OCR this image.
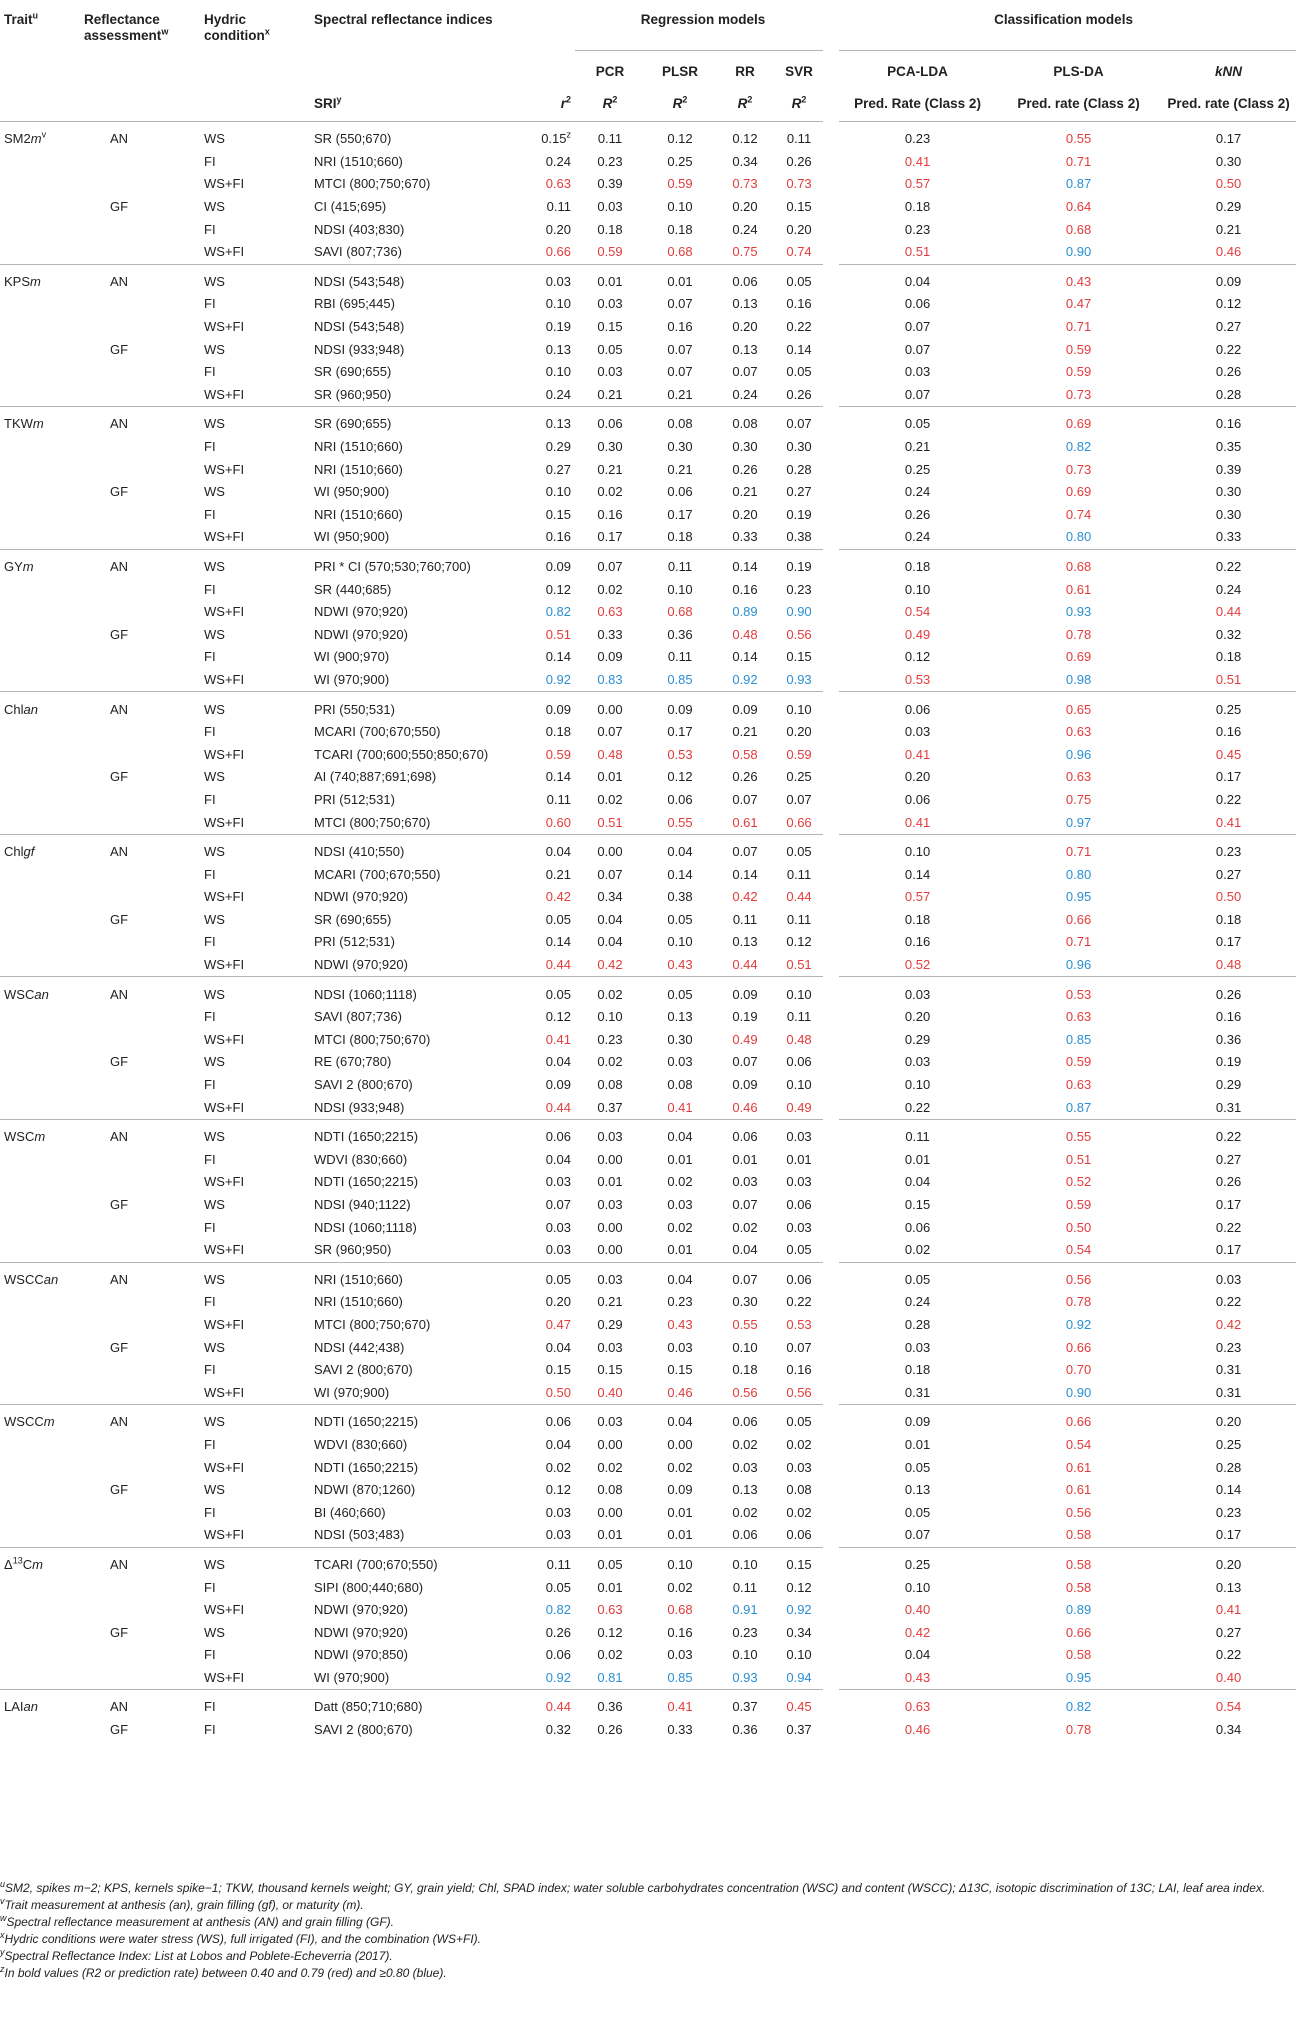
Trait$^u$	Reflectance assessment$^w$	Hydric condition$^x$	Spectral reflectance indices		Regression models				Classification models		
					PCR	PLSR	RR	SVR	PCA-LDA	PLS-DA	kNN
			SRI$^y$	$r^2$	$R^2$	$R^2$	$R^2$	$R^2$	Pred. Rate (Class 2)	Pred. rate (Class 2)	Pred. rate (Class 2)
$SM2m^v$	AN	WS	SR (550;670)	0.15$^z$	0.11	0.12	0.12	0.11	0.23	0.55	0.17
		FI	NRI (1510;660)	0.24	0.23	0.25	0.34	0.26	0.41	0.71	0.30
		WS+FI	MTCI (800;750;670)	0.63	0.39	0.59	0.73	0.73	0.57	0.87	0.50
	GF	WS	CI (415;695)	0.11	0.03	0.10	0.20	0.15	0.18	0.64	0.29
		FI	NDSI (403;830)	0.20	0.18	0.18	0.24	0.20	0.23	0.68	0.21
		WS+FI	SAVI (807;736)	0.66	0.59	0.68	0.75	0.74	0.51	0.90	0.46
KPSm	AN	WS	NDSI (543;548)	0.03	0.01	0.01	0.06	0.05	0.04	0.43	0.09
		FI	RBI (695;445)	0.10	0.03	0.07	0.13	0.16	0.06	0.47	0.12
		WS+FI	NDSI (543;548)	0.19	0.15	0.16	0.20	0.22	0.07	0.71	0.27
	GF	WS	NDSI (933;948)	0.13	0.05	0.07	0.13	0.14	0.07	0.59	0.22
		FI	SR (690;655)	0.10	0.03	0.07	0.07	0.05	0.03	0.59	0.26
		WS+FI	SR (960;950)	0.24	0.21	0.21	0.24	0.26	0.07	0.73	0.28
TKWm	AN	WS	SR (690;655)	0.13	0.06	0.08	0.08	0.07	0.05	0.69	0.16
		FI	NRI (1510;660)	0.29	0.30	0.30	0.30	0.30	0.21	0.82	0.35
		WS+FI	NRI (1510;660)	0.27	0.21	0.21	0.26	0.28	0.25	0.73	0.39
	GF	WS	WI (950;900)	0.10	0.02	0.06	0.21	0.27	0.24	0.69	0.30
		FI	NRI (1510;660)	0.15	0.16	0.17	0.20	0.19	0.26	0.74	0.30
		WS+FI	WI (950;900)	0.16	0.17	0.18	0.33	0.38	0.24	0.80	0.33
GYm	AN	WS	PRI * CI (570;530;760;700)	0.09	0.07	0.11	0.14	0.19	0.18	0.68	0.22
		FI	SR (440;685)	0.12	0.02	0.10	0.16	0.23	0.10	0.61	0.24
		WS+FI	NDWI (970;920)	0.82	0.63	0.68	0.89	0.90	0.54	0.93	0.44
	GF	WS	NDWI (970;920)	0.51	0.33	0.36	0.48	0.56	0.49	0.78	0.32
		FI	WI (900;970)	0.14	0.09	0.11	0.14	0.15	0.12	0.69	0.18
		WS+FI	WI (970;900)	0.92	0.83	0.85	0.92	0.93	0.53	0.98	0.51
Chlan	AN	WS	PRI (550;531)	0.09	0.00	0.09	0.09	0.10	0.06	0.65	0.25
		FI	MCARI (700;670;550)	0.18	0.07	0.17	0.21	0.20	0.03	0.63	0.16
		WS+FI	TCARI (700;600;550;850;670)	0.59	0.48	0.53	0.58	0.59	0.41	0.96	0.45
	GF	WS	AI (740;887;691;698)	0.14	0.01	0.12	0.26	0.25	0.20	0.63	0.17
		FI	PRI (512;531)	0.11	0.02	0.06	0.07	0.07	0.06	0.75	0.22
		WS+FI	MTCI (800;750;670)	0.60	0.51	0.55	0.61	0.66	0.41	0.97	0.41
Chlgf	AN	WS	NDSI (410;550)	0.04	0.00	0.04	0.07	0.05	0.10	0.71	0.23
		FI	MCARI (700;670;550)	0.21	0.07	0.14	0.14	0.11	0.14	0.80	0.27
		WS+FI	NDWI (970;920)	0.42	0.34	0.38	0.42	0.44	0.57	0.95	0.50
	GF	WS	SR (690;655)	0.05	0.04	0.05	0.11	0.11	0.18	0.66	0.18
		FI	PRI (512;531)	0.14	0.04	0.10	0.13	0.12	0.16	0.71	0.17
		WS+FI	NDWI (970;920)	0.44	0.42	0.43	0.44	0.51	0.52	0.96	0.48
WSCan	AN	WS	NDSI (1060;1118)	0.05	0.02	0.05	0.09	0.10	0.03	0.53	0.26
		FI	SAVI (807;736)	0.12	0.10	0.13	0.19	0.11	0.20	0.63	0.16
		WS+FI	MTCI (800;750;670)	0.41	0.23	0.30	0.49	0.48	0.29	0.85	0.36
	GF	WS	RE (670;780)	0.04	0.02	0.03	0.07	0.06	0.03	0.59	0.19
		FI	SAVI 2 (800;670)	0.09	0.08	0.08	0.09	0.10	0.10	0.63	0.29
		WS+FI	NDSI (933;948)	0.44	0.37	0.41	0.46	0.49	0.22	0.87	0.31
WSCm	AN	WS	NDTI (1650;2215)	0.06	0.03	0.04	0.06	0.03	0.11	0.55	0.22
		FI	WDVI (830;660)	0.04	0.00	0.01	0.01	0.01	0.01	0.51	0.27
		WS+FI	NDTI (1650;2215)	0.03	0.01	0.02	0.03	0.03	0.04	0.52	0.26
	GF	WS	NDSI (940;1122)	0.07	0.03	0.03	0.07	0.06	0.15	0.59	0.17
		FI	NDSI (1060;1118)	0.03	0.00	0.02	0.02	0.03	0.06	0.50	0.22
		WS+FI	SR (960;950)	0.03	0.00	0.01	0.04	0.05	0.02	0.54	0.17
WSCCan	AN	WS	NRI (1510;660)	0.05	0.03	0.04	0.07	0.06	0.05	0.56	0.03
		FI	NRI (1510;660)	0.20	0.21	0.23	0.30	0.22	0.24	0.78	0.22
		WS+FI	MTCI (800;750;670)	0.47	0.29	0.43	0.55	0.53	0.28	0.92	0.42
	GF	WS	NDSI (442;438)	0.04	0.03	0.03	0.10	0.07	0.03	0.66	0.23
		FI	SAVI 2 (800;670)	0.15	0.15	0.15	0.18	0.16	0.18	0.70	0.31
		WS+FI	WI (970;900)	0.50	0.40	0.46	0.56	0.56	0.31	0.90	0.31
WSCCm	AN	WS	NDTI (1650;2215)	0.06	0.03	0.04	0.06	0.05	0.09	0.66	0.20
		FI	WDVI (830;660)	0.04	0.00	0.00	0.02	0.02	0.01	0.54	0.25
		WS+FI	NDTI (1650;2215)	0.02	0.02	0.02	0.03	0.03	0.05	0.61	0.28
	GF	WS	NDWI (870;1260)	0.12	0.08	0.09	0.13	0.08	0.13	0.61	0.14
		FI	BI (460;660)	0.03	0.00	0.01	0.02	0.02	0.05	0.56	0.23
		WS+FI	NDSI (503;483)	0.03	0.01	0.01	0.06	0.06	0.07	0.58	0.17
$\Delta^{13}Cm$	AN	WS	TCARI (700;670;550)	0.11	0.05	0.10	0.10	0.15	0.25	0.58	0.20
		FI	SIPI (800;440;680)	0.05	0.01	0.02	0.11	0.12	0.10	0.58	0.13
		WS+FI	NDWI (970;920)	0.82	0.63	0.68	0.91	0.92	0.40	0.89	0.41
	GF	WS	NDWI (970;920)	0.26	0.12	0.16	0.23	0.34	0.42	0.66	0.27
		FI	NDWI (970;850)	0.06	0.02	0.03	0.10	0.10	0.04	0.58	0.22
		WS+FI	WI (970;900)	0.92	0.81	0.85	0.93	0.94	0.43	0.95	0.40
LAIan	AN	FI	Datt (850;710;680)	0.44	0.36	0.41	0.37	0.45	0.63	0.82	0.54
	GF	FI	SAVI 2 (800;670)	0.32	0.26	0.33	0.36	0.37	0.46	0.78	0.34
$^u$SM2, spikes m−2; KPS, kernels spike−1; TKW, thousand kernels weight; GY, grain yield; Chl, SPAD index; water soluble carbohydrates concentration (WSC) and content (WSCC); Δ13C, isotopic discrimination of 13C; LAI, leaf area index.
$^v$Trait measurement at anthesis (an), grain filling (gf), or maturity (m).
$^w$Spectral reflectance measurement at anthesis (AN) and grain filling (GF).
$^x$Hydric conditions were water stress (WS), full irrigated (FI), and the combination (WS+FI).
$^y$Spectral Reflectance Index: List at Lobos and Poblete-Echeverria (2017).
$^z$In bold values (R2 or prediction rate) between 0.40 and 0.79 (red) and ≥0.80 (blue).
